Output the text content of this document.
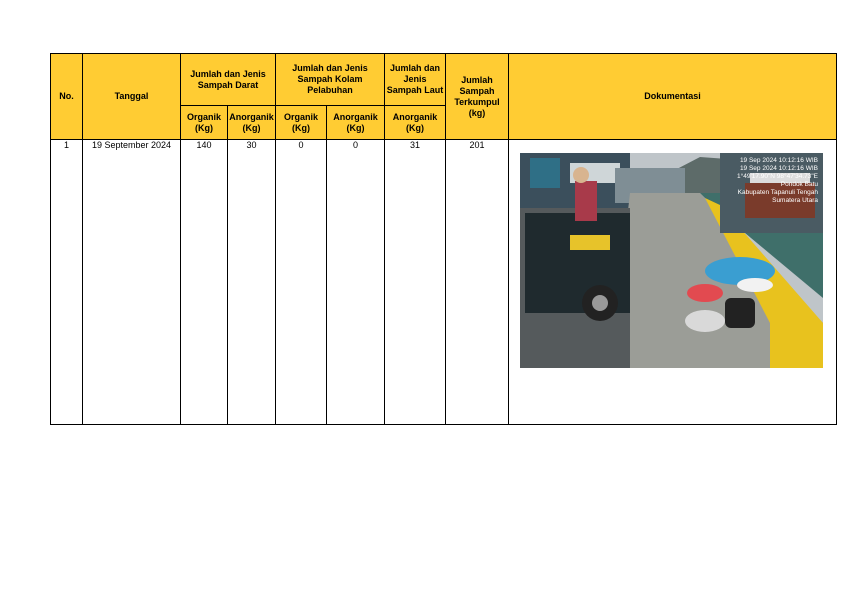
No.	Tanggal	Jumlah dan Jenis Sampah Darat		Jumlah dan Jenis Sampah Kolam Pelabuhan		Jumlah dan Jenis Sampah Laut	Jumlah Sampah Terkumpul (kg)	Dokumentasi
		Organik (Kg)	Anorganik (Kg)	Organik (Kg)	Anorganik (Kg)	Anorganik (Kg)		
1	19 September 2024	140	30	0	0	31	201	
19 Sep 2024 10:12:16 WIB
19 Sep 2024 10:12:16 WIB
1°49'17.90"N 98°47'34.73"E
Pondok Batu
Kabupaten Tapanuli Tengah
Sumatera Utara
